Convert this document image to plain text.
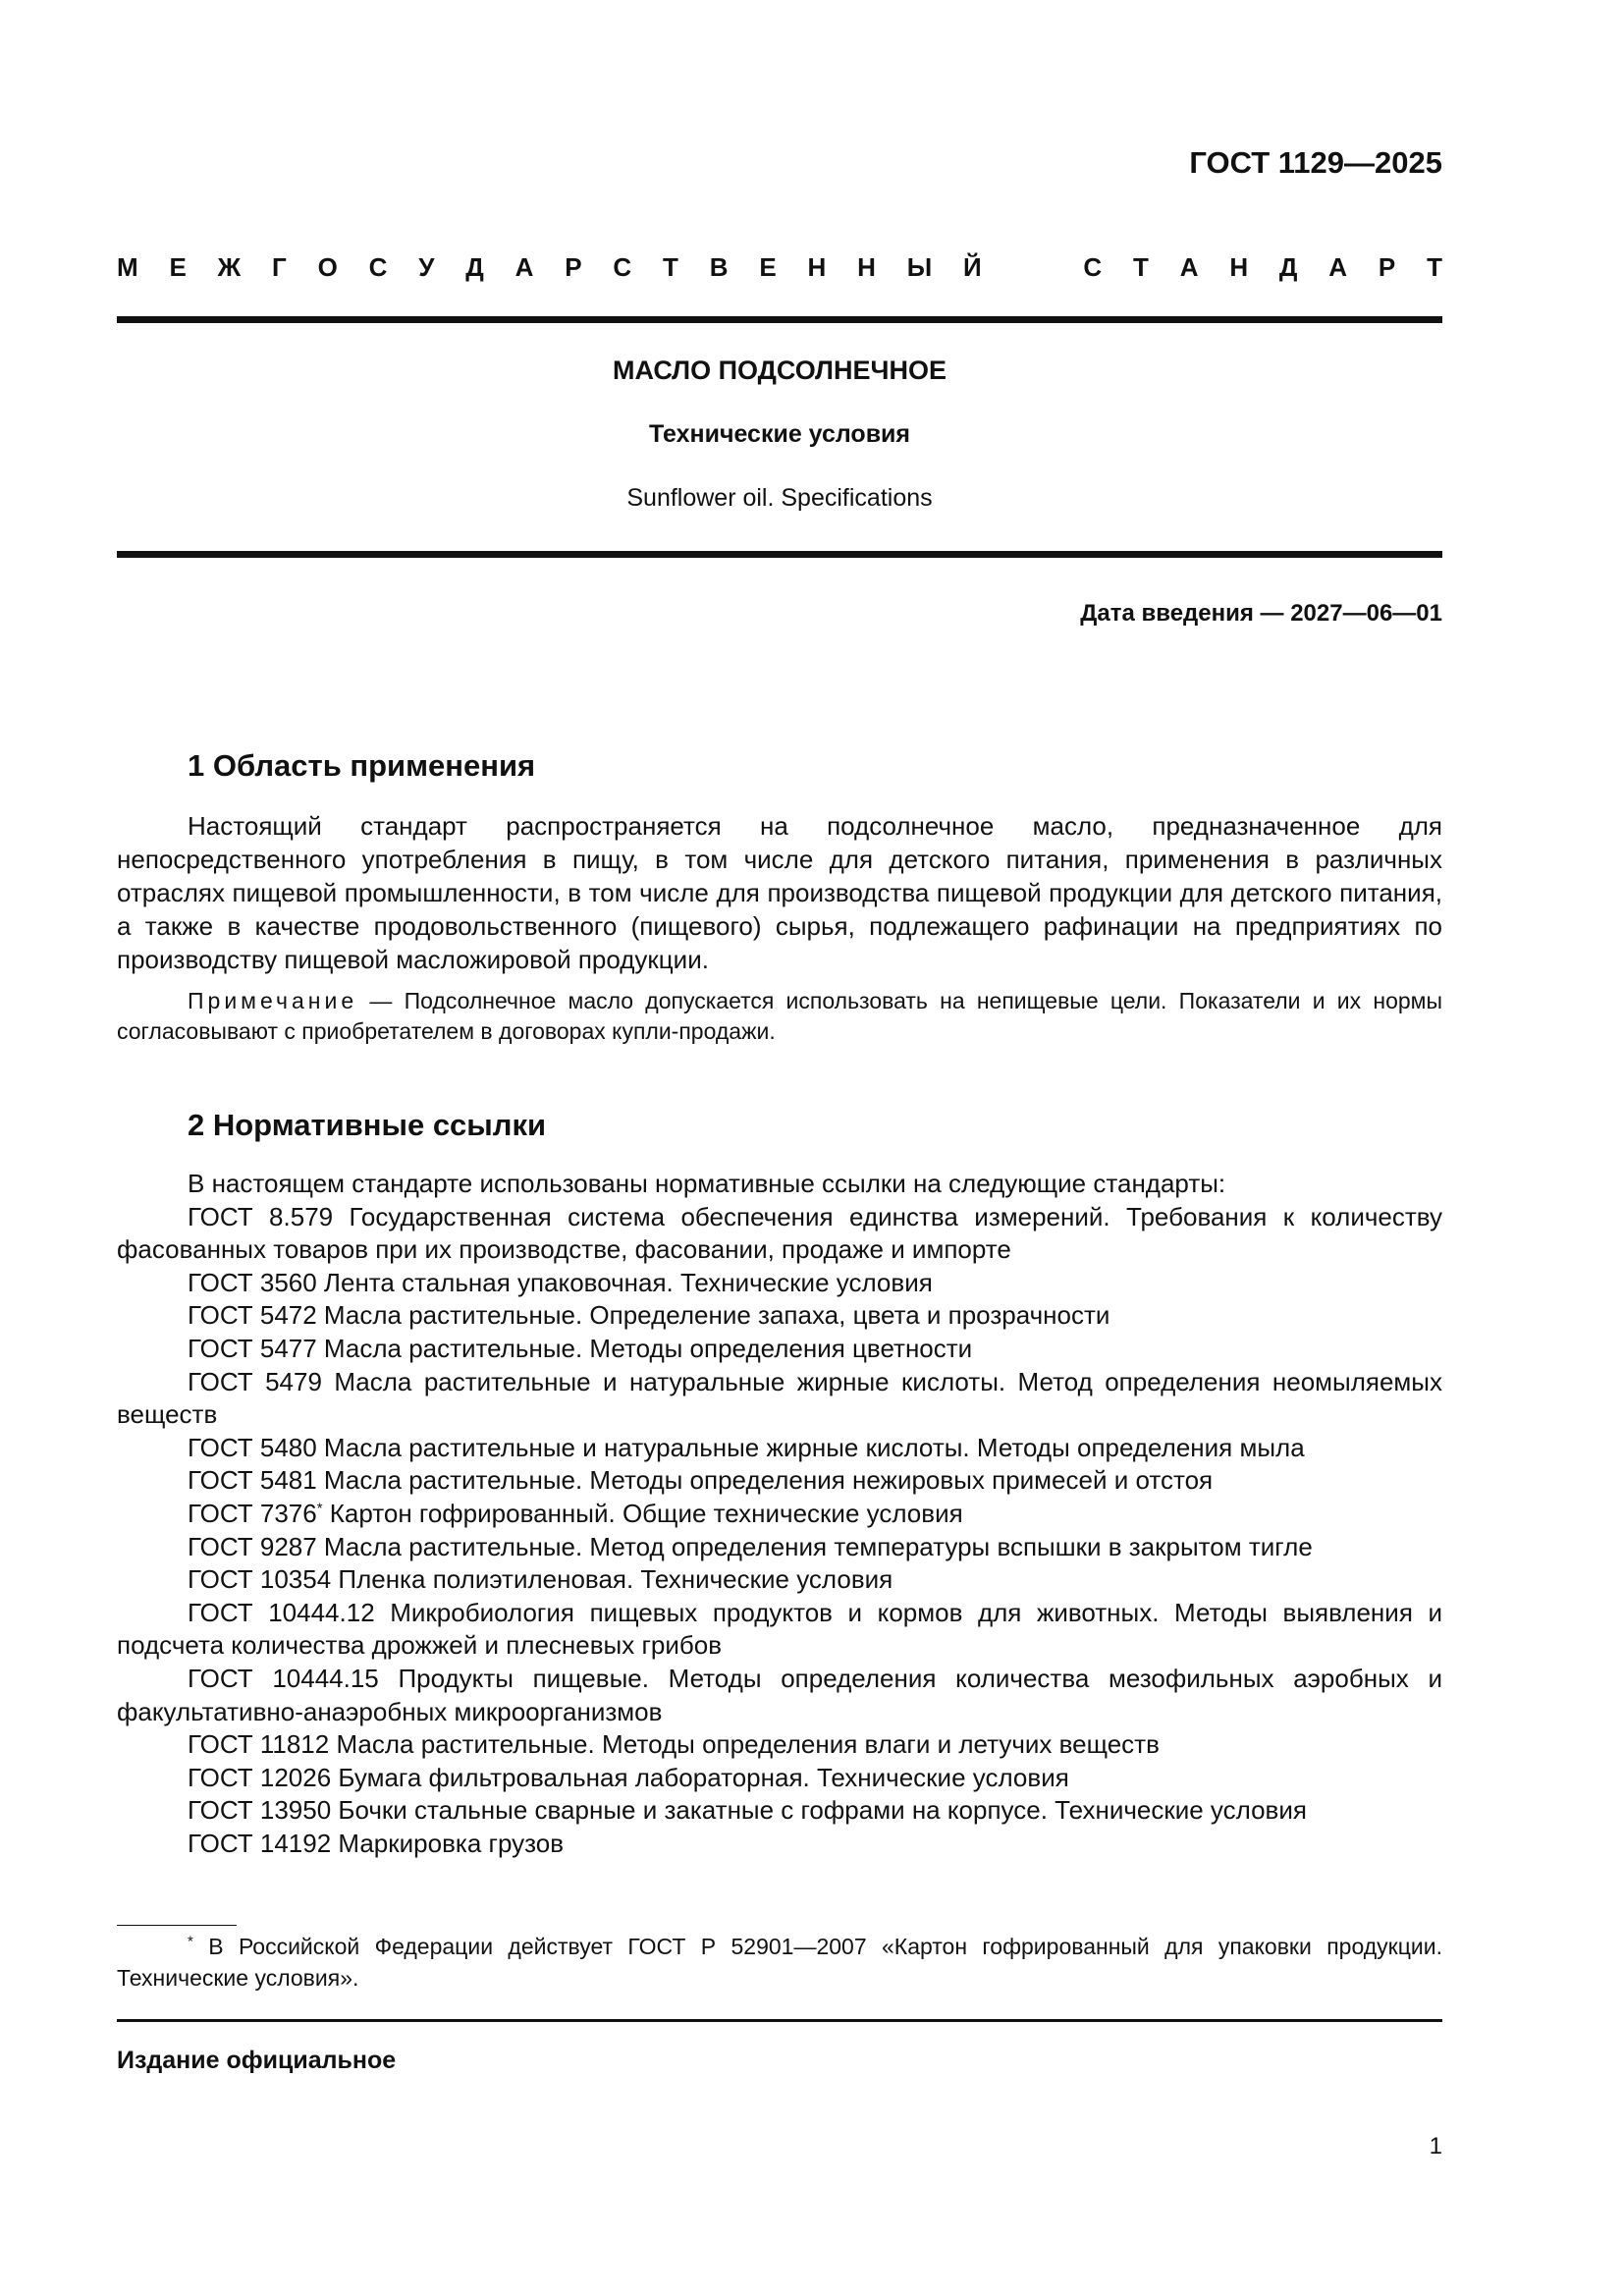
ГОСТ 1129—2025
М Е Ж Г О С У Д А Р С Т В Е Н Н Ы Й	С Т А Н Д А Р Т
МАСЛО ПОДСОЛНЕЧНОЕ
Технические условия
Sunflower oil. Specifications
Дата введения — 2027—06—01
1 Область применения

Настоящий стандарт распространяется на подсолнечное масло, предназначенное для непосредственного употребления в пищу, в том числе для детского питания, применения в различных отраслях пищевой промышленности, в том числе для производства пищевой продукции для детского питания, а также в качестве продовольственного (пищевого) сырья, подлежащего рафинации на предприятиях по производству пищевой масложировой продукции.

Примечание — Подсолнечное масло допускается использовать на непищевые цели. Показатели и их нормы согласовывают с приобретателем в договорах купли-продажи.

2 Нормативные ссылки

В настоящем стандарте использованы нормативные ссылки на следующие стандарты:

ГОСТ 8.579 Государственная система обеспечения единства измерений. Требования к количеству фасованных товаров при их производстве, фасовании, продаже и импорте

ГОСТ 3560 Лента стальная упаковочная. Технические условия

ГОСТ 5472 Масла растительные. Определение запаха, цвета и прозрачности

ГОСТ 5477 Масла растительные. Методы определения цветности

ГОСТ 5479 Масла растительные и натуральные жирные кислоты. Метод определения неомыляемых веществ

ГОСТ 5480 Масла растительные и натуральные жирные кислоты. Методы определения мыла

ГОСТ 5481 Масла растительные. Методы определения нежировых примесей и отстоя

ГОСТ 7376* Картон гофрированный. Общие технические условия

ГОСТ 9287 Масла растительные. Метод определения температуры вспышки в закрытом тигле

ГОСТ 10354 Пленка полиэтиленовая. Технические условия

ГОСТ 10444.12 Микробиология пищевых продуктов и кормов для животных. Методы выявления и подсчета количества дрожжей и плесневых грибов

ГОСТ 10444.15 Продукты пищевые. Методы определения количества мезофильных аэробных и факультативно-анаэробных микроорганизмов

ГОСТ 11812 Масла растительные. Методы определения влаги и летучих веществ

ГОСТ 12026 Бумага фильтровальная лабораторная. Технические условия

ГОСТ 13950 Бочки стальные сварные и закатные с гофрами на корпусе. Технические условия

ГОСТ 14192 Маркировка грузов

* В Российской Федерации действует ГОСТ Р 52901—2007 «Картон гофрированный для упаковки продукции. Технические условия».

Издание официальное
1
